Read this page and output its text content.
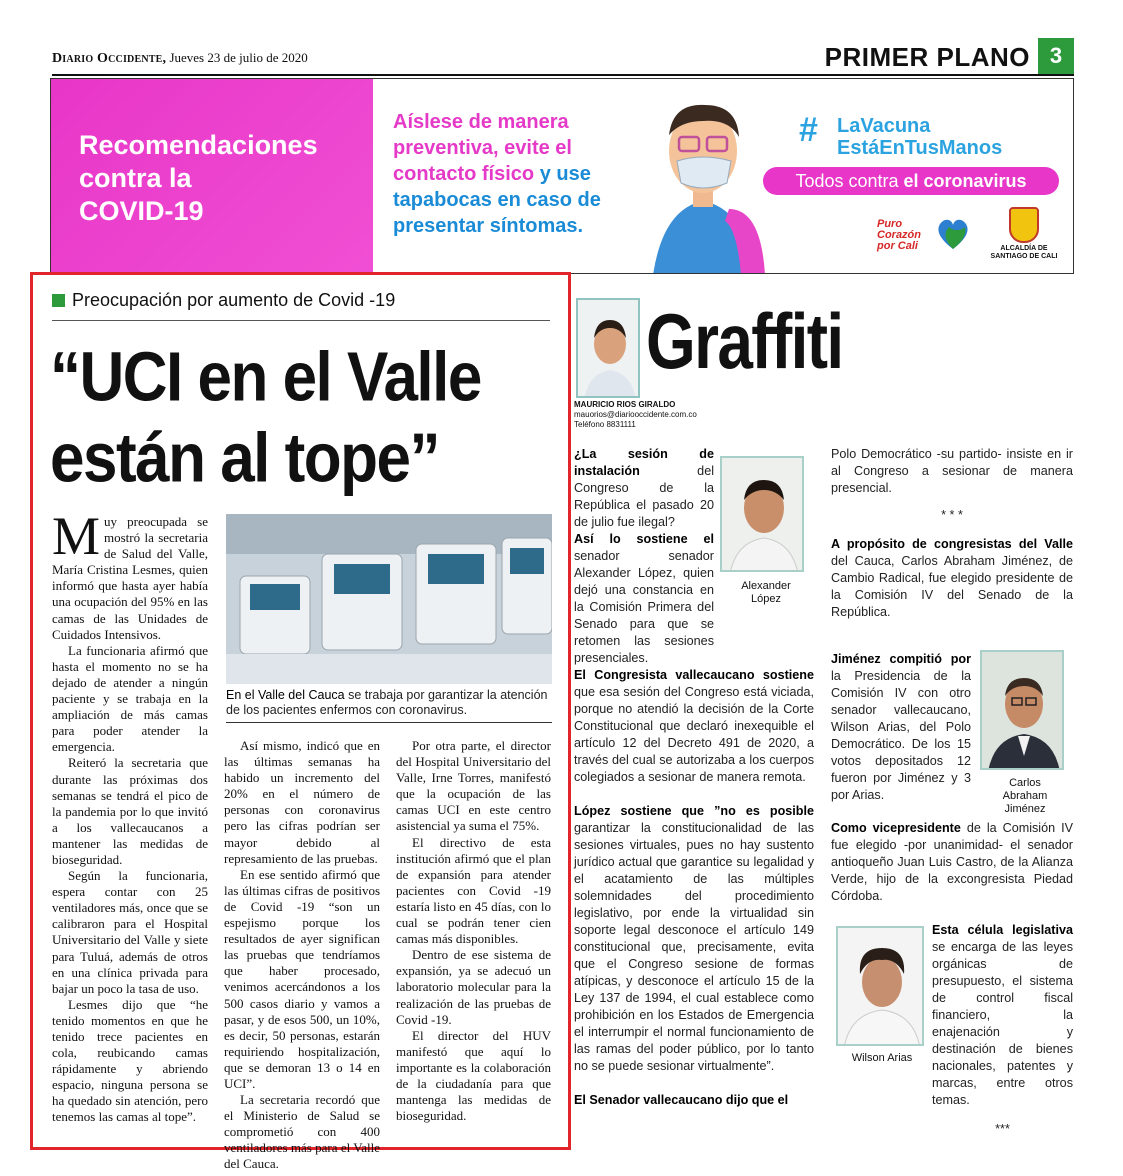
Diario Occidente, Jueves 23 de julio de 2020	PRIMER PLANO 3
Recomendaciones
contra la
COVID-19
Aíslese de manera preventiva, evite el contacto físico y use tapabocas en caso de presentar síntomas.
# LaVacuna
EstáEnTusManos
Todos contra el coronavirus
Puro Corazón por Cali	ALCALDÍA DE SANTIAGO DE CALI
Preocupación por aumento de Covid -19
“UCI en el Valle están al tope”
En el Valle del Cauca se trabaja por garantizar la atención de los pacientes enfermos con coronavirus.

Muy preocupada se mostró la secretaria de Salud del Valle, María Cristina Lesmes, quien informó que hasta ayer había una ocupación del 95% en las camas de las Unidades de Cuidados Intensivos.

La funcionaria afirmó que hasta el momento no se ha dejado de atender a ningún paciente y se trabaja en la ampliación de más camas para poder atender la emergencia.

Reiteró la secretaria que durante las próximas dos semanas se tendrá el pico de la pandemia por lo que invitó a los vallecaucanos a mantener las medidas de bioseguridad.

Según la funcionaria, espera contar con 25 ventiladores más, once que se calibraron para el Hospital Universitario del Valle y siete para Tuluá, además de otros en una clínica privada para bajar un poco la tasa de uso.

Lesmes dijo que “he tenido momentos en que he tenido trece pacientes en cola, reubicando camas rápidamente y abriendo espacio, ninguna persona se ha quedado sin atención, pero tenemos las camas al tope”.

Así mismo, indicó que en las últimas semanas ha habido un incremento del 20% en el número de personas con coronavirus pero las cifras podrían ser mayor debido al represamiento de las pruebas.

En ese sentido afirmó que las últimas cifras de positivos de Covid -19 “son un espejismo porque los resultados de ayer significan las pruebas que tendríamos que haber procesado, venimos acercándonos a los 500 casos diario y vamos a pasar, y de esos 500, un 10%, es decir, 50 personas, estarán requiriendo hospitalización, que se demoran 13 o 14 en UCI”.

La secretaria recordó que el Ministerio de Salud se comprometió con 400 ventiladores más para el Valle del Cauca.

Por otra parte, el director del Hospital Universitario del Valle, Irne Torres, manifestó que la ocupación de las camas UCI en este centro asistencial ya suma el 75%.

El directivo de esta institución afirmó que el plan de expansión para atender pacientes con Covid -19 estaría listo en 45 días, con lo cual se podrán tener cien camas más disponibles.

Dentro de ese sistema de expansión, ya se adecuó un laboratorio molecular para la realización de las pruebas de Covid -19.

El director del HUV manifestó que aquí lo importante es la colaboración de la ciudadanía para que mantenga las medidas de bioseguridad.

Graffiti
MAURICIO RIOS GIRALDO
mauorios@diariooccidente.com.co
Teléfono 8831111
Alexander López

¿La sesión de instalación del Congreso de la República el pasado 20 de julio fue ilegal?

Así lo sostiene el senador senador Alexander López, quien dejó una constancia en la Comisión Primera del Senado para que se retomen las sesiones presenciales.

El Congresista vallecaucano sostiene que esa sesión del Congreso está viciada, porque no atendió la decisión de la Corte Constitucional que declaró inexequible el artículo 12 del Decreto 491 de 2020, a través del cual se autorizaba a los cuerpos colegiados a sesionar de manera remota.

López sostiene que ”no es posible garantizar la constitucionalidad de las sesiones virtuales, pues no hay sustento jurídico actual que garantice su legalidad y el acatamiento de las múltiples solemnidades del procedimiento legislativo, por ende la virtualidad sin soporte legal desconoce el artículo 149 constitucional que, precisamente, evita que el Congreso sesione de formas atípicas, y desconoce el artículo 15 de la Ley 137 de 1994, el cual establece como prohibición en los Estados de Emergencia el interrumpir el normal funcionamiento de las ramas del poder público, por lo tanto no se puede sesionar virtualmente”.

El Senador vallecaucano dijo que el

Polo Democrático -su partido- insiste en ir al Congreso a sesionar de manera presencial.

* * *

A propósito de congresistas del Valle del Cauca, Carlos Abraham Jiménez, de Cambio Radical, fue elegido presidente de la Comisión IV del Senado de la República.

Carlos Abraham Jiménez

Jiménez compitió por la Presidencia de la Comisión IV con otro senador vallecaucano, Wilson Arias, del Polo Democrático. De los 15 votos depositados 12 fueron por Jiménez y 3 por Arias.

Como vicepresidente de la Comisión IV fue elegido -por unanimidad- el senador antioqueño Juan Luis Castro, de la Alianza Verde, hijo de la excongresista Piedad Córdoba.

Wilson Arias

Esta célula legislativa se encarga de las leyes orgánicas de presupuesto, el sistema de control fiscal financiero, la enajenación y destinación de bienes nacionales, patentes y marcas, entre otros temas.

***
